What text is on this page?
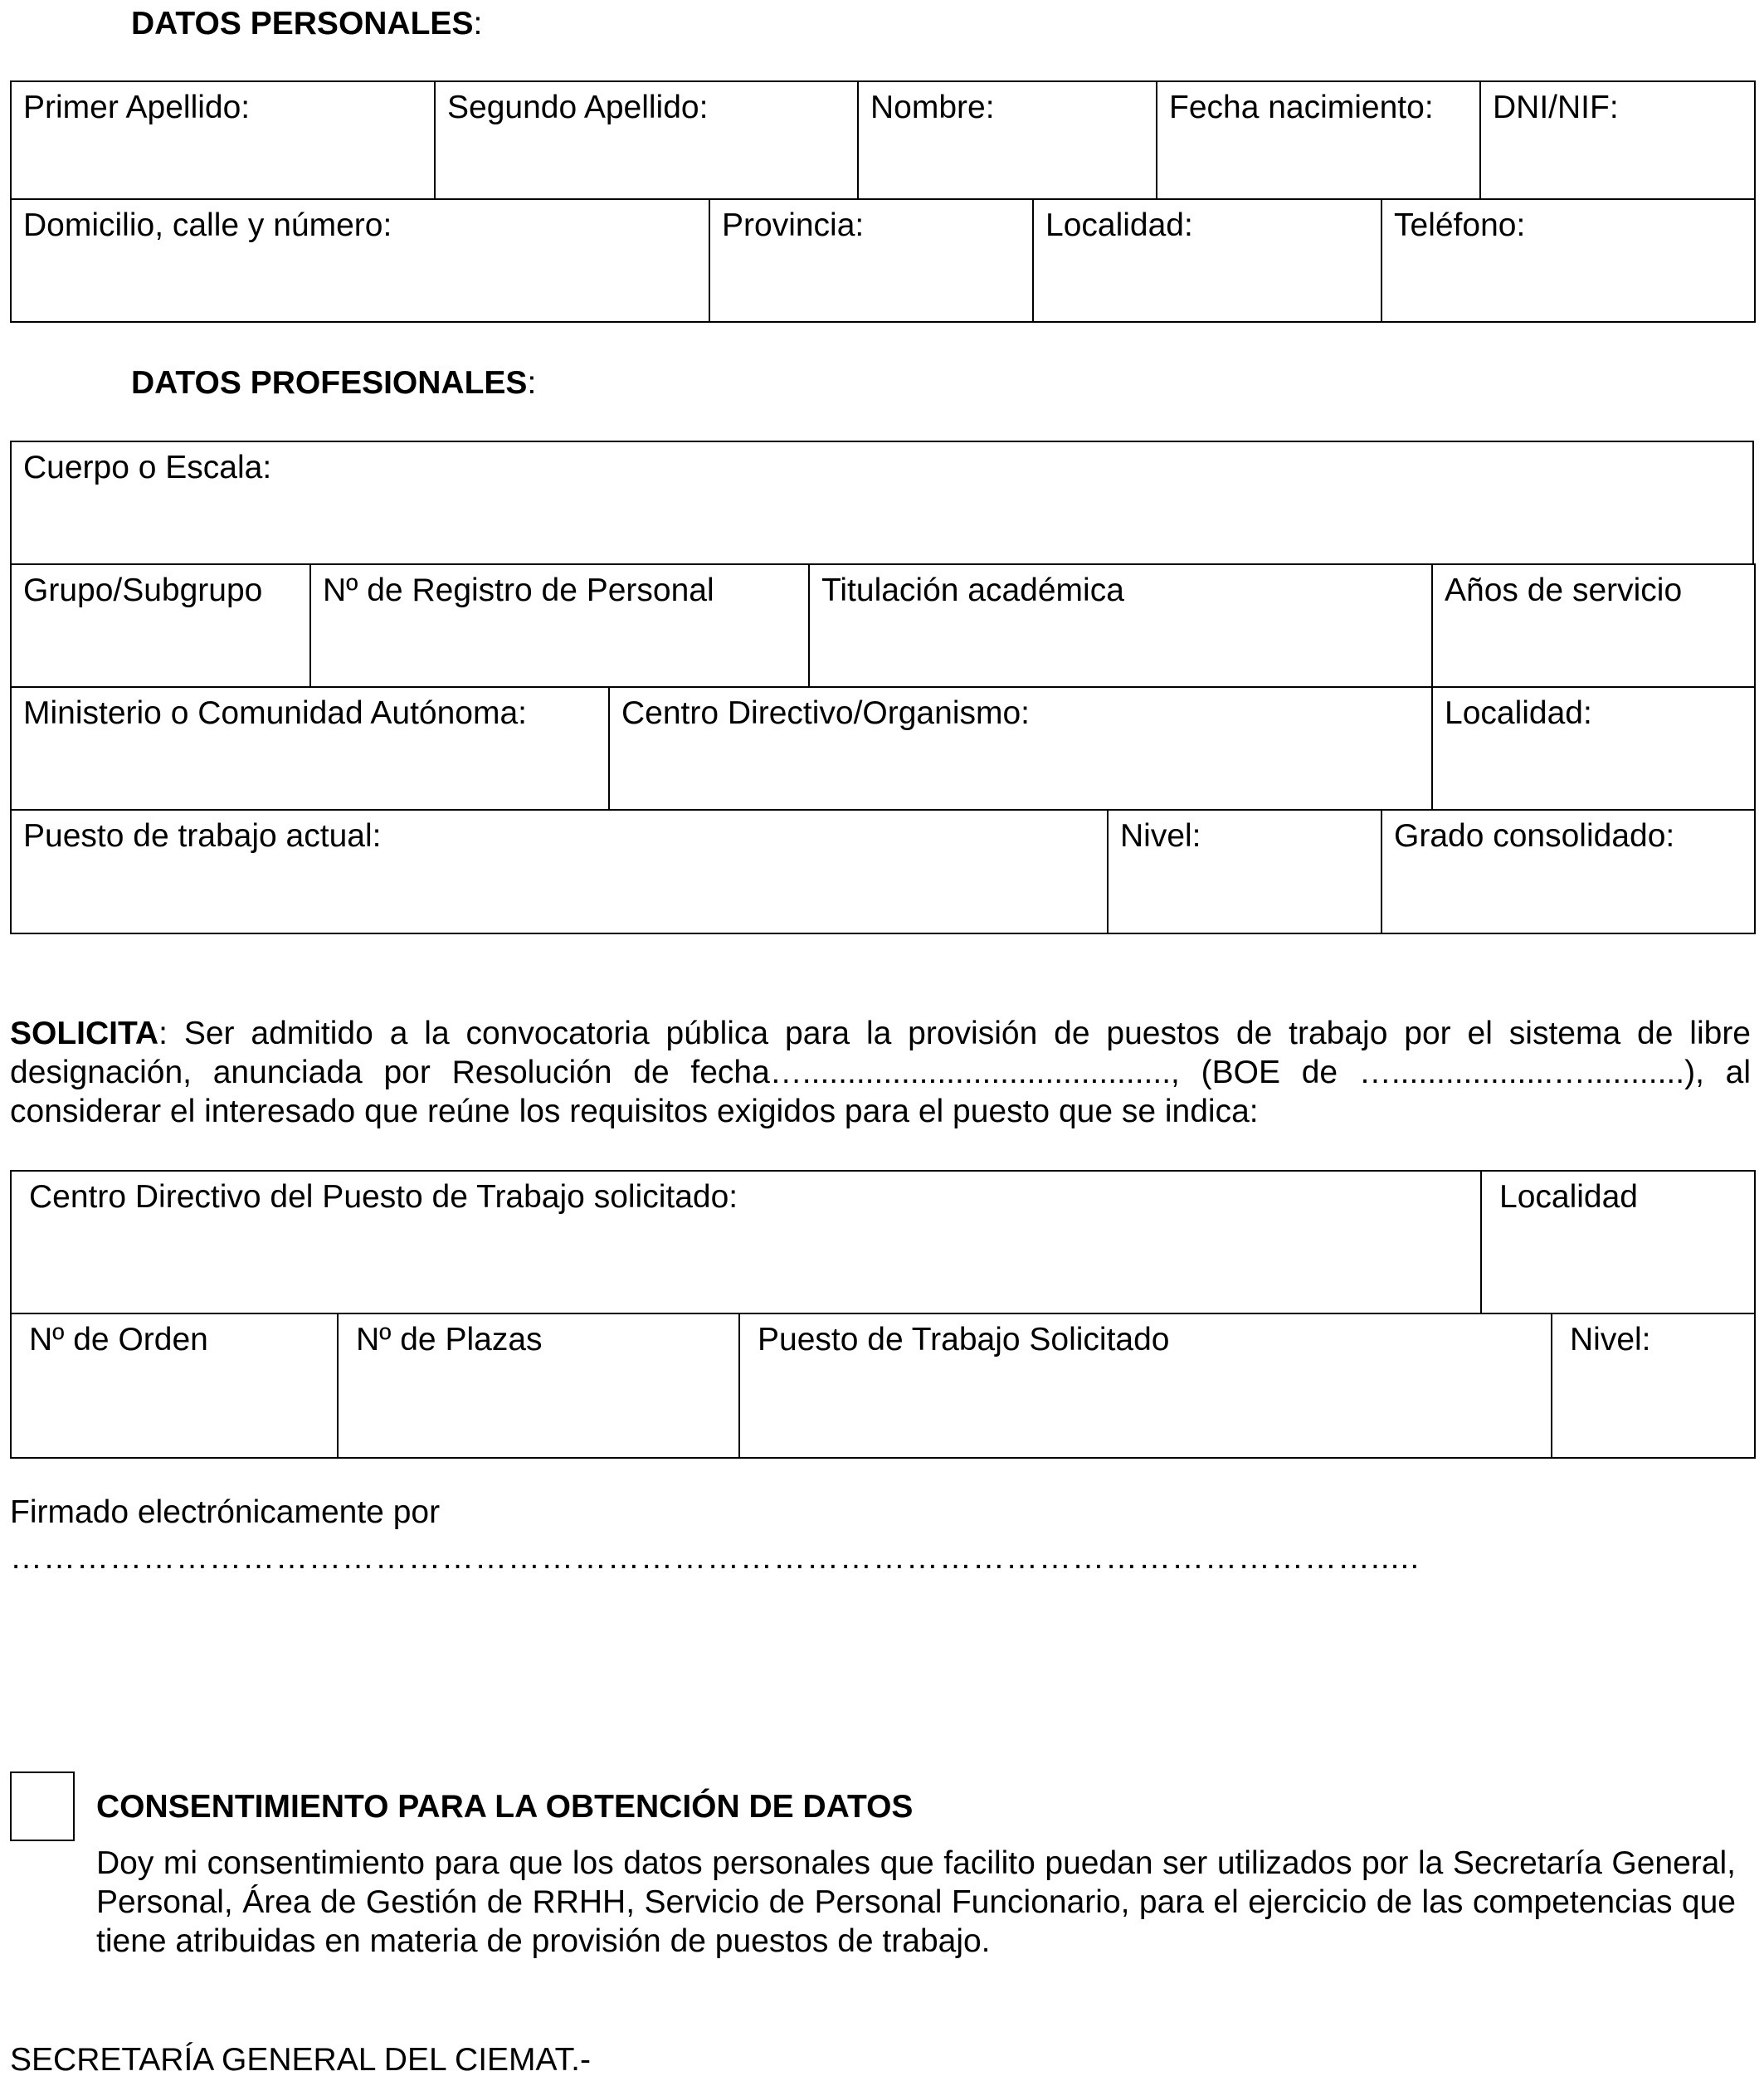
DATOS PERSONALES:
Primer Apellido:	Segundo Apellido:	Nombre:	Fecha nacimiento:	DNI/NIF:
Domicilio, calle y número:	Provincia:	Localidad:	Teléfono:
DATOS PROFESIONALES:
Cuerpo o Escala:
Grupo/Subgrupo	Nº de Registro de Personal	Titulación académica	Años de servicio
Ministerio o Comunidad Autónoma:	Centro Directivo/Organismo:	Localidad:
Puesto de trabajo actual:	Nivel:	Grado consolidado:
SOLICITA: Ser admitido a la convocatoria pública para la provisión de puestos de trabajo por el sistema de libre designación, anunciada por Resolución de fecha…........................................., (BOE de …..................…...........), al considerar el interesado que reúne los requisitos exigidos para el puesto que se indica:
Centro Directivo del Puesto de Trabajo solicitado:	Localidad
Nº de Orden	Nº de Plazas	Puesto de Trabajo Solicitado	Nivel:
Firmado electrónicamente por
…………………………………………………………………………………………………………….....
CONSENTIMIENTO PARA LA OBTENCIÓN DE DATOS
Doy mi consentimiento para que los datos personales que facilito puedan ser utilizados por la Secretaría General, Personal, Área de Gestión de RRHH, Servicio de Personal Funcionario, para el ejercicio de las competencias que tiene atribuidas en materia de provisión de puestos de trabajo.
SECRETARÍA GENERAL DEL CIEMAT.-
